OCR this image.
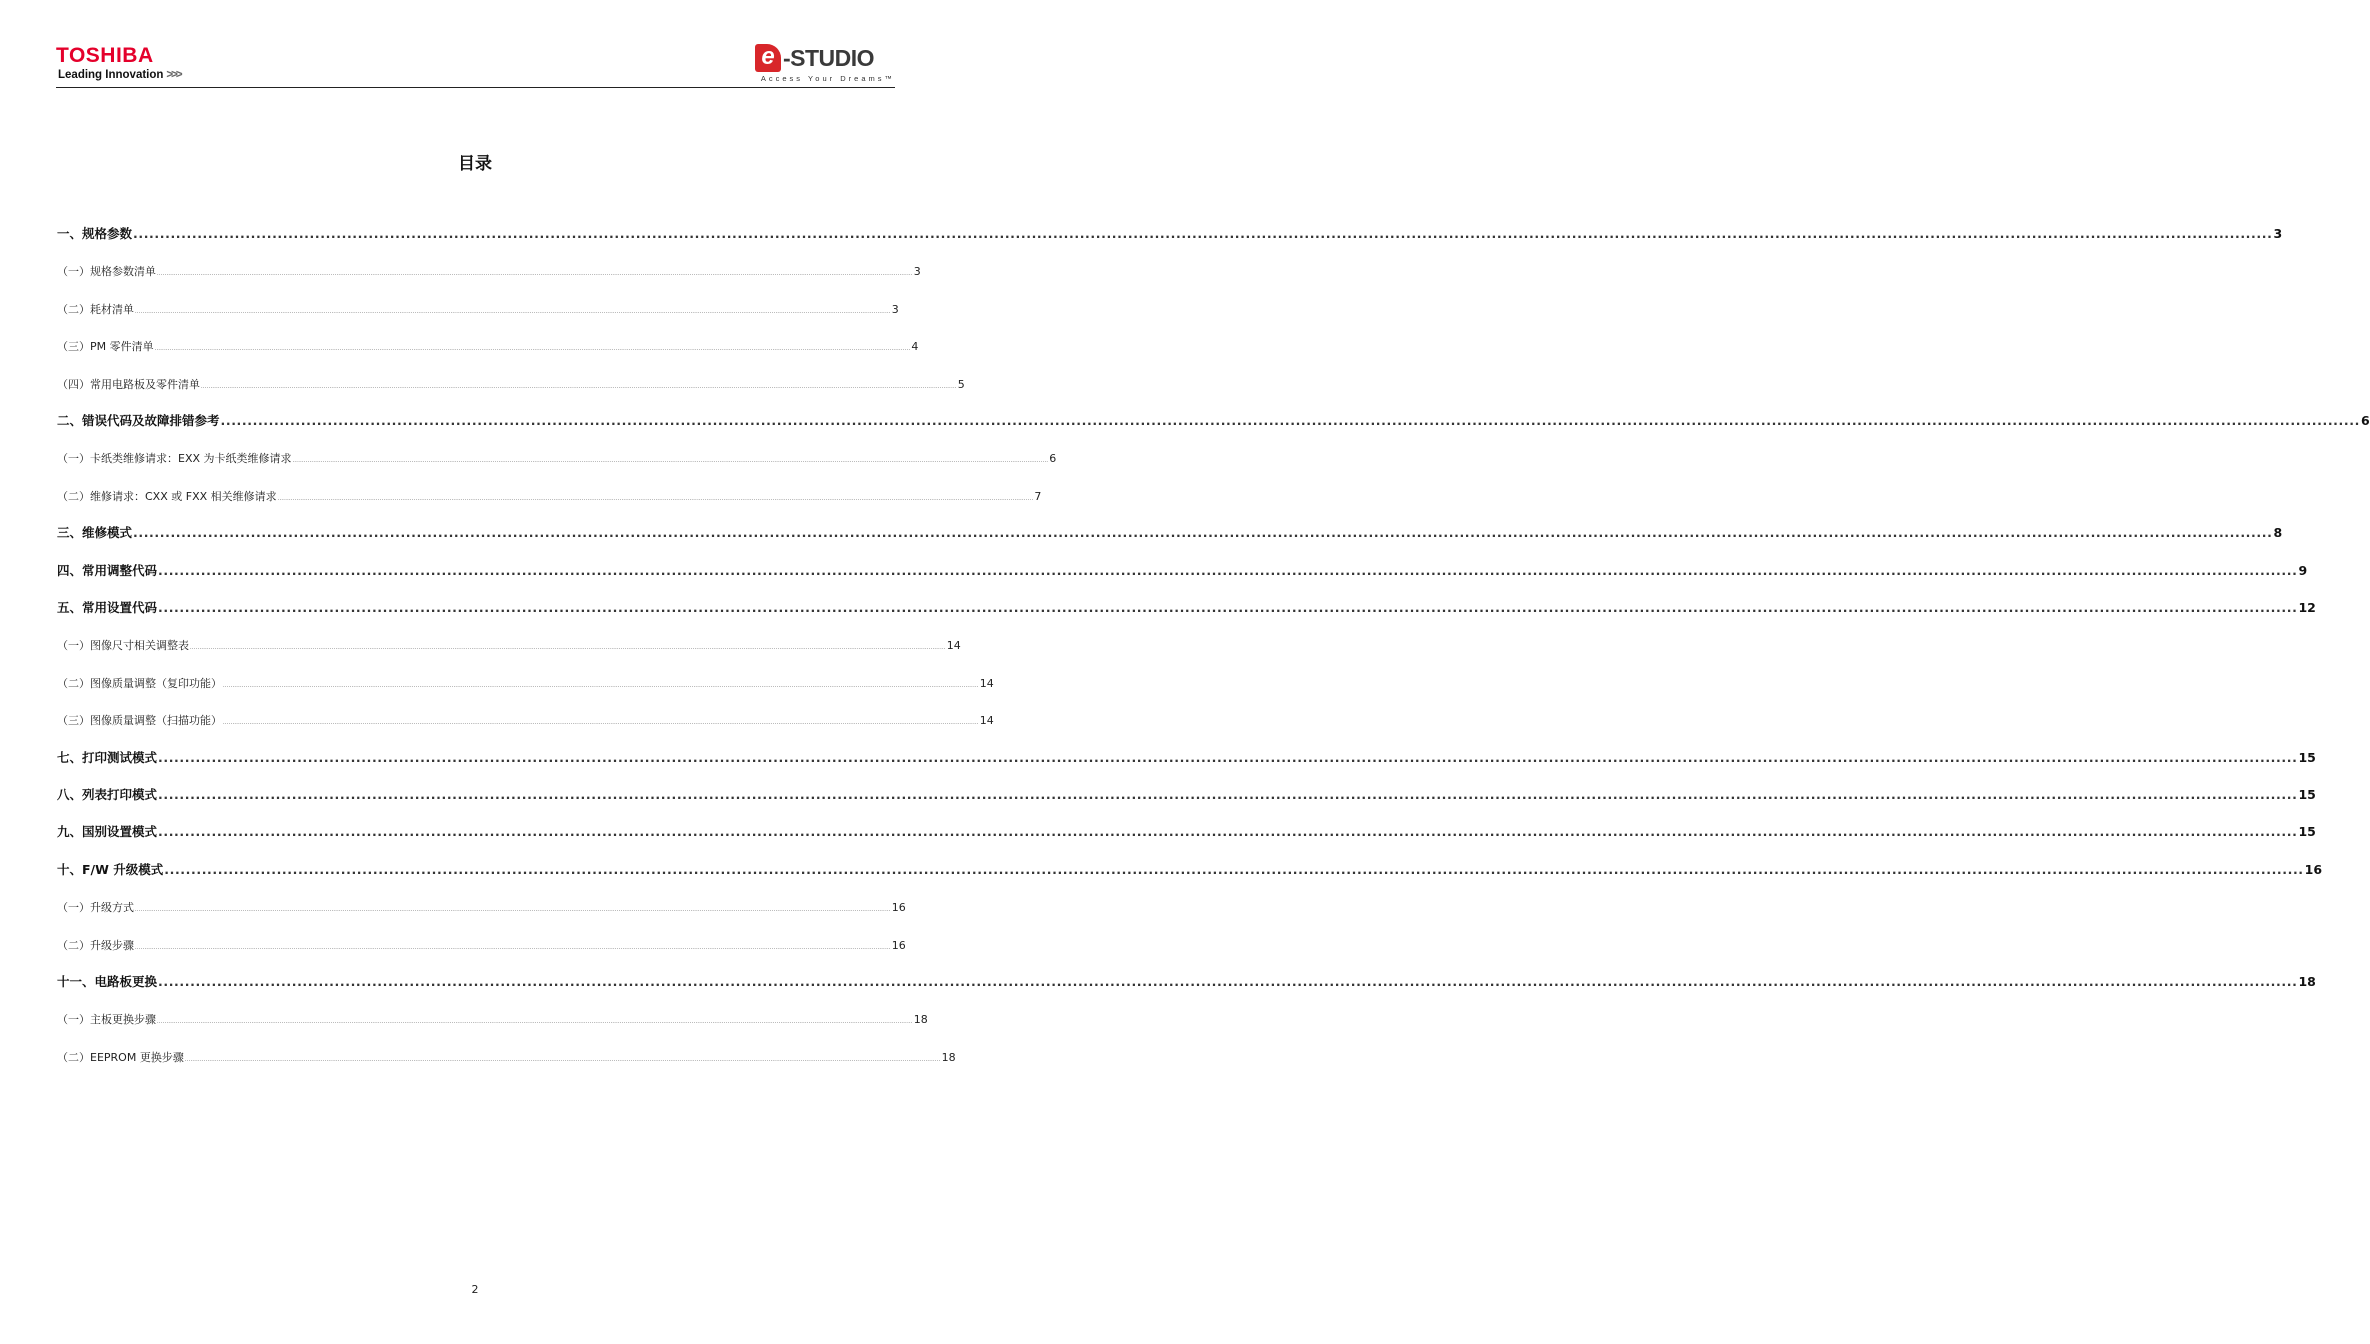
TOSHIBA
Leading Innovation >>>
e -STUDIO
Access Your Dreams™
目录
一、规格参数 ................................................................................................................................................................................................................................................................................................................................................................................................................ 3
（一）规格参数清单 ................................................................................................................................................................................................................................................................................................................................................................................................................ 3
（二）耗材清单 ................................................................................................................................................................................................................................................................................................................................................................................................................ 3
（三）PM 零件清单 ................................................................................................................................................................................................................................................................................................................................................................................................................ 4
（四）常用电路板及零件清单 ................................................................................................................................................................................................................................................................................................................................................................................................................ 5
二、错误代码及故障排错参考 ................................................................................................................................................................................................................................................................................................................................................................................................................ 6
（一）卡纸类维修请求：EXX 为卡纸类维修请求 ................................................................................................................................................................................................................................................................................................................................................................................................................ 6
（二）维修请求：CXX 或 FXX 相关维修请求 ................................................................................................................................................................................................................................................................................................................................................................................................................ 7
三、维修模式 ................................................................................................................................................................................................................................................................................................................................................................................................................ 8
四、常用调整代码 ................................................................................................................................................................................................................................................................................................................................................................................................................ 9
五、常用设置代码 ................................................................................................................................................................................................................................................................................................................................................................................................................ 12
（一）图像尺寸相关调整表 ................................................................................................................................................................................................................................................................................................................................................................................................................ 14
（二）图像质量调整（复印功能） ................................................................................................................................................................................................................................................................................................................................................................................................................ 14
（三）图像质量调整（扫描功能） ................................................................................................................................................................................................................................................................................................................................................................................................................ 14
七、打印测试模式 ................................................................................................................................................................................................................................................................................................................................................................................................................ 15
八、列表打印模式 ................................................................................................................................................................................................................................................................................................................................................................................................................ 15
九、国别设置模式 ................................................................................................................................................................................................................................................................................................................................................................................................................ 15
十、F/W 升级模式 ................................................................................................................................................................................................................................................................................................................................................................................................................ 16
（一）升级方式 ................................................................................................................................................................................................................................................................................................................................................................................................................ 16
（二）升级步骤 ................................................................................................................................................................................................................................................................................................................................................................................................................ 16
十一、电路板更换 ................................................................................................................................................................................................................................................................................................................................................................................................................ 18
（一）主板更换步骤 ................................................................................................................................................................................................................................................................................................................................................................................................................ 18
（二）EEPROM 更换步骤 ................................................................................................................................................................................................................................................................................................................................................................................................................ 18
2
